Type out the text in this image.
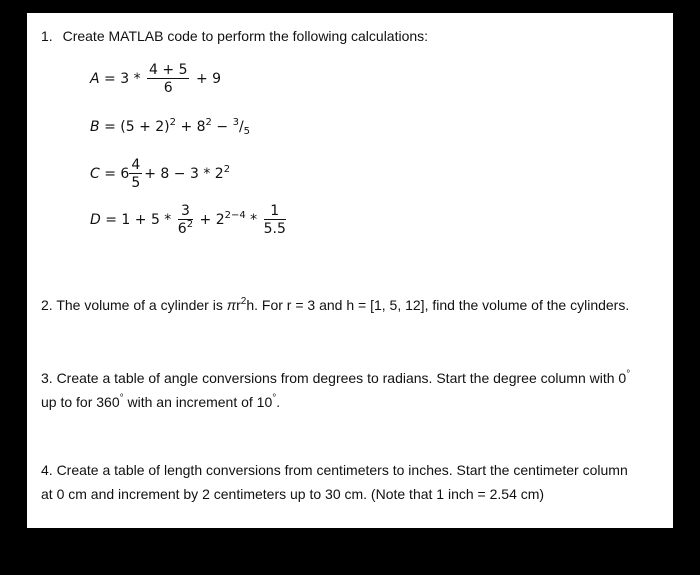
1. Create MATLAB code to perform the following calculations:
$A = 3 * \frac{4 + 5}{6} + 9$
$B = (5 + 2)^2 + 8^2 - ^3/_5$
$C = 6 \frac{4}{5} + 8 - 3 * 2^2$
$D = 1 + 5 * \frac{3}{6^2} + 2^{2-4} * \frac{1}{5.5}$
2. The volume of a cylinder is $\pi r^2h$. For r = 3 and h = [1, 5, 12], find the volume of the cylinders.
3. Create a table of angle conversions from degrees to radians. Start the degree column with 0°
up to for 360° with an increment of 10°.
4. Create a table of length conversions from centimeters to inches. Start the centimeter column
at 0 cm and increment by 2 centimeters up to 30 cm. (Note that 1 inch = 2.54 cm)
